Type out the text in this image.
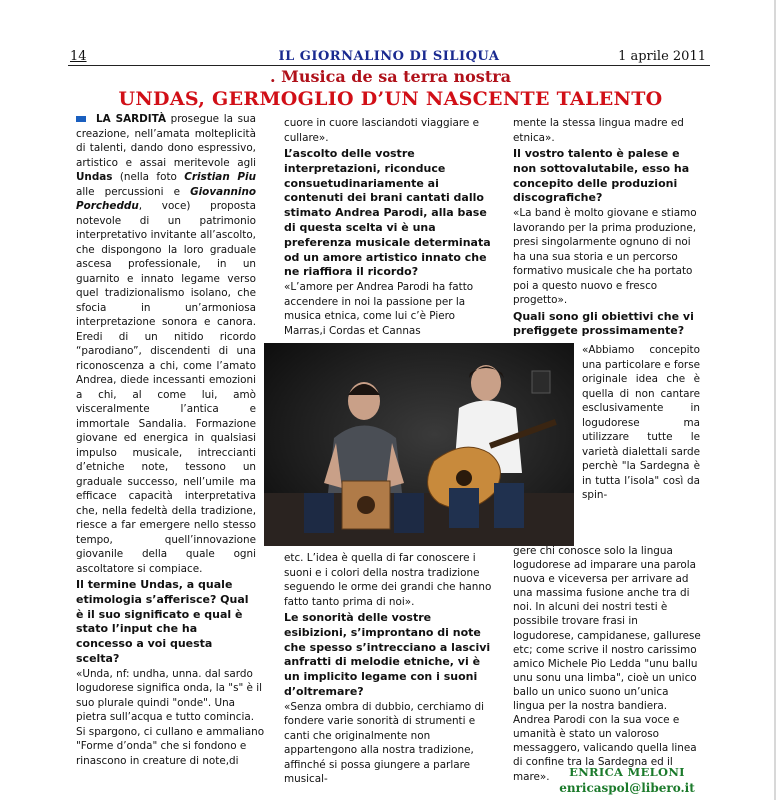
14	IL GIORNALINO DI SILIQUA	1 aprile 2011
. Musica de sa terra nostra
UNDAS, GERMOGLIO D’UN NASCENTE TALENTO

LA SARDITÀ prosegue la sua creazione, nell’amata molteplicità di talenti, dando dono espressivo, artistico e assai meritevole agli Undas (nella foto Cristian Piu alle percussioni e Giovannino Porcheddu, voce) proposta notevole di un patrimonio interpretativo invitante all’ascolto, che dispongono la loro graduale ascesa professionale, in un guarnito e innato legame verso quel tradizionalismo isolano, che sfocia in un’armoniosa interpretazione sonora e canora. Eredi di un nitido ricordo “parodiano”, discendenti di una riconoscenza a chi, come l’amato Andrea, diede incessanti emozioni a chi, al come lui, amò visceralmente l’antica e immortale Sandalia. Formazione giovane ed energica in qualsiasi impulso musicale, intreccianti d’etniche note, tessono un graduale successo, nell’umile ma efficace capacità interpretativa che, nella fedeltà della tradizione, riesce a far emergere nello stesso tempo, quell’innovazione giovanile della quale ogni ascoltatore si compiace.

Il termine Undas, a quale etimologia s’afferisce? Qual è il suo significato e qual è stato l’input che ha concesso a voi questa scelta?

«Unda, nf: undha, unna. dal sardo logudorese significa onda, la "s" è il suo plurale quindi "onde". Una pietra sull’acqua e tutto comincia. Si spargono, ci cullano e ammaliano "Forme d’onda" che si fondono e rinascono in creature di note,di

cuore in cuore lasciandoti viaggiare e cullare».

L’ascolto delle vostre interpretazioni, riconduce consuetudinariamente ai contenuti dei brani cantati dallo stimato Andrea Parodi, alla base di questa scelta vi è una preferenza musicale determinata od un amore artistico innato che ne riaffiora il ricordo?

«L’amore per Andrea Parodi ha fatto accendere in noi la passione per la musica etnica, come lui c’è Piero Marras,i Cordas et Cannas

etc. L’idea è quella di far conoscere i suoni e i colori della nostra tradizione seguendo le orme dei grandi che hanno fatto tanto prima di noi».

Le sonorità delle vostre esibizioni, s’improntano di note che spesso s’intrecciano a lascivi anfratti di melodie etniche, vi è un implicito legame con i suoni d’oltremare?

«Senza ombra di dubbio, cerchiamo di fondere varie sonorità di strumenti e canti che originalmente non appartengono alla nostra tradizione, affinché si possa giungere a parlare musical-

mente la stessa lingua madre ed etnica».

Il vostro talento è palese e non sottovalutabile, esso ha concepito delle produzioni discografiche?

«La band è molto giovane e stiamo lavorando per la prima produzione, presi singolarmente ognuno di noi ha una sua storia e un percorso formativo musicale che ha portato poi a questo nuovo e fresco progetto».

Quali sono gli obiettivi che vi prefiggete prossimamente?

«Abbiamo concepito una particolare e forse originale idea che è quella di non cantare esclusivamente in logudorese ma utilizzare tutte le varietà dialettali sarde perchè "la Sardegna è in tutta l’isola" così da spin-

gere chi conosce solo la lingua logudorese ad imparare una parola nuova e viceversa per arrivare ad una massima fusione anche tra di noi. In alcuni dei nostri testi è possibile trovare frasi in logudorese, campidanese, gallurese etc; come scrive il nostro carissimo amico Michele Pio Ledda "unu ballu unu sonu una limba", cioè un unico ballo un unico suono un’unica lingua per la nostra bandiera. Andrea Parodi con la sua voce e umanità è stato un valoroso messaggero, valicando quella linea di confine tra la Sardegna ed il mare».	ENRICA MELONI
enricaspol@libero.it
